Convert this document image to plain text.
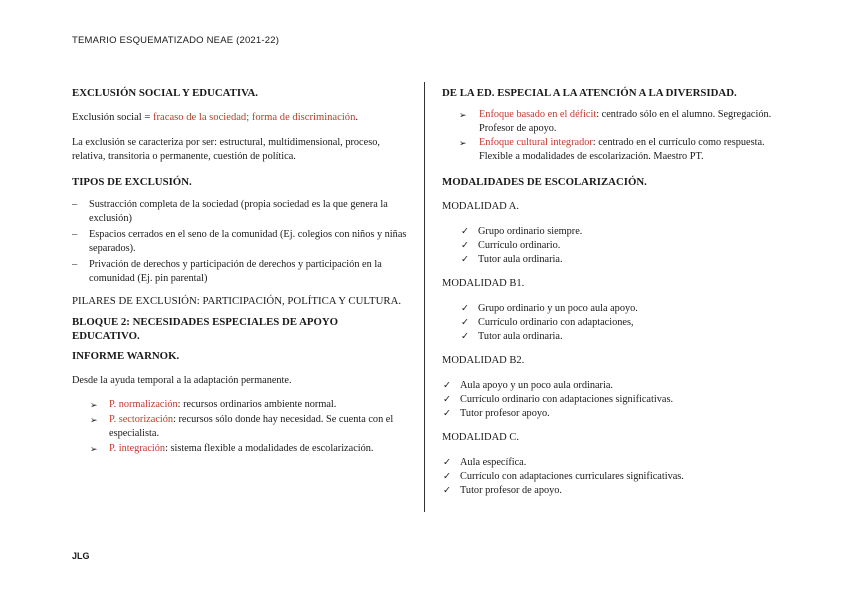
TEMARIO ESQUEMATIZADO NEAE (2021-22)

EXCLUSIÓN SOCIAL Y EDUCATIVA.

Exclusión social = fracaso de la sociedad; forma de discriminación.

La exclusión se caracteriza por ser: estructural, multidimensional, proceso, relativa, transitoria o permanente, cuestión de política.

TIPOS DE EXCLUSIÓN.

– Sustracción completa de la sociedad (propia sociedad es la que genera la exclusión)
– Espacios cerrados en el seno de la comunidad (Ej. colegios con niños y niñas separados).
– Privación de derechos y participación de derechos y participación en la comunidad (Ej. pin parental)

PILARES DE EXCLUSIÓN: PARTICIPACIÓN, POLÍTICA Y CULTURA.

BLOQUE 2: NECESIDADES ESPECIALES DE APOYO EDUCATIVO.

INFORME WARNOK.

Desde la ayuda temporal a la adaptación permanente.

➢ P. normalización: recursos ordinarios ambiente normal.
➢ P. sectorización: recursos sólo donde hay necesidad. Se cuenta con el especialista.
➢ P. integración: sistema flexible a modalidades de escolarización.

DE LA ED. ESPECIAL A LA ATENCIÓN A LA DIVERSIDAD.

➢ Enfoque basado en el déficit: centrado sólo en el alumno. Segregación. Profesor de apoyo.
➢ Enfoque cultural integrador: centrado en el currículo como respuesta. Flexible a modalidades de escolarización. Maestro PT.

MODALIDADES DE ESCOLARIZACIÓN.

MODALIDAD A.

✓ Grupo ordinario siempre.
✓ Currículo ordinario.
✓ Tutor aula ordinaria.

MODALIDAD B1.

✓ Grupo ordinario y un poco aula apoyo.
✓ Currículo ordinario con adaptaciones,
✓ Tutor aula ordinaria.

MODALIDAD B2.

✓ Aula apoyo y un poco aula ordinaria.
✓ Currículo ordinario con adaptaciones significativas.
✓ Tutor profesor apoyo.

MODALIDAD C.

✓ Aula específica.
✓ Currículo con adaptaciones curriculares significativas.
✓ Tutor profesor de apoyo.
JLG
